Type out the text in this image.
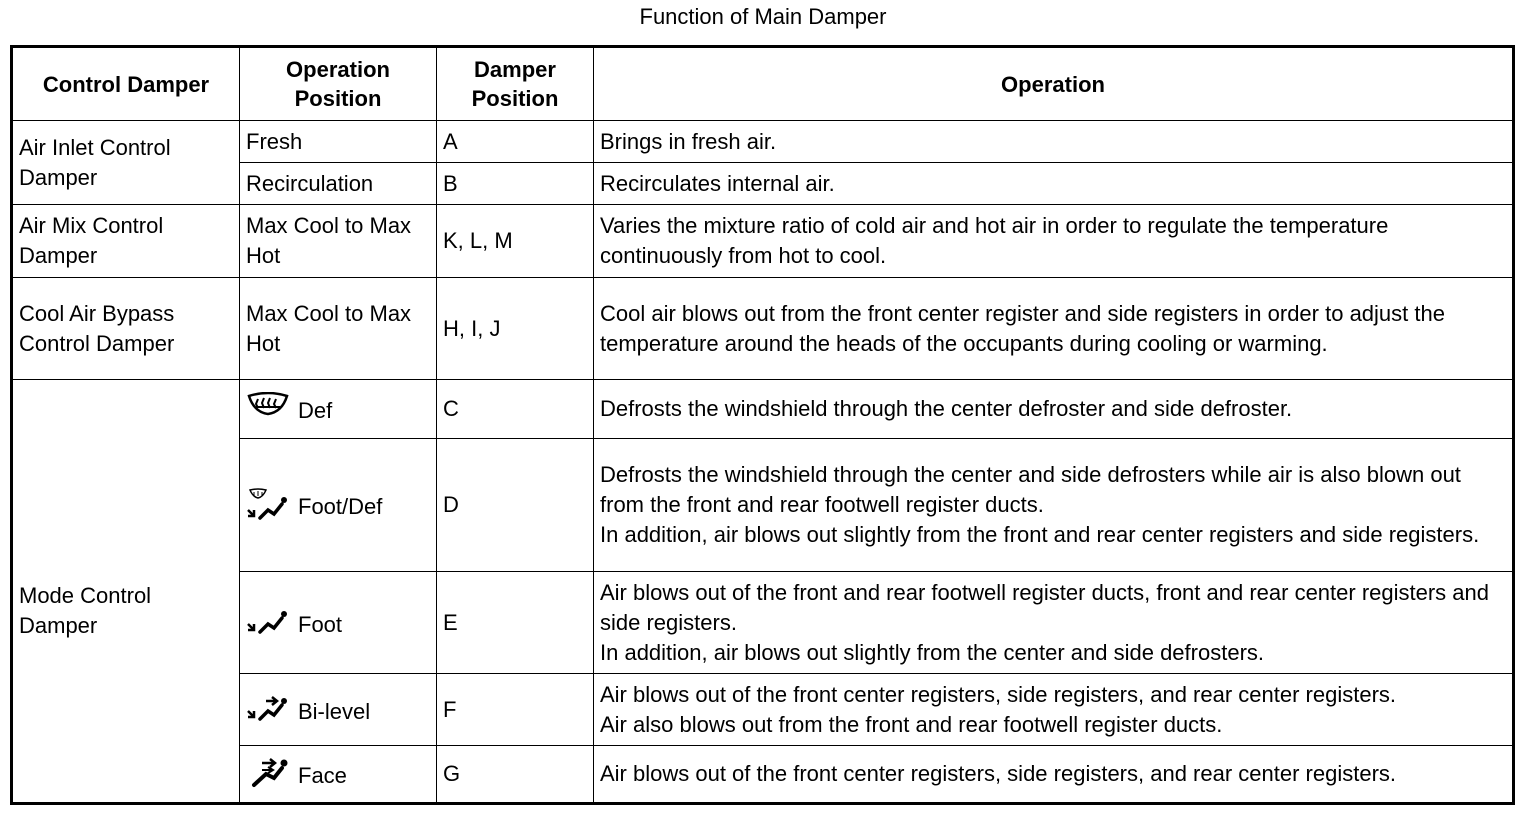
Function of Main Damper
Control Damper	Operation Position	Damper Position	Operation
Air Inlet Control Damper	Fresh	A	Brings in fresh air.
	Recirculation	B	Recirculates internal air.
Air Mix Control Damper	Max Cool to Max Hot	K, L, M	Varies the mixture ratio of cold air and hot air in order to regulate the temperature continuously from hot to cool.
Cool Air Bypass Control Damper	Max Cool to Max Hot	H, I, J	Cool air blows out from the front center register and side registers in order to adjust the temperature around the heads of the occupants during cooling or warming.
Mode Control Damper	Def	C	Defrosts the windshield through the center defroster and side defroster.

Foot/Def	D	Defrosts the windshield through the center and side defrosters while air is also blown out from the front and rear footwell register ducts.
In addition, air blows out slightly from the front and rear center registers and side registers.

Foot	E	Air blows out of the front and rear footwell register ducts, front and rear center registers and side registers.
In addition, air blows out slightly from the center and side defrosters.

Bi-level	F	Air blows out of the front center registers, side registers, and rear center registers.
Air also blows out from the front and rear footwell register ducts.

Face	G	Air blows out of the front center registers, side registers, and rear center registers.
